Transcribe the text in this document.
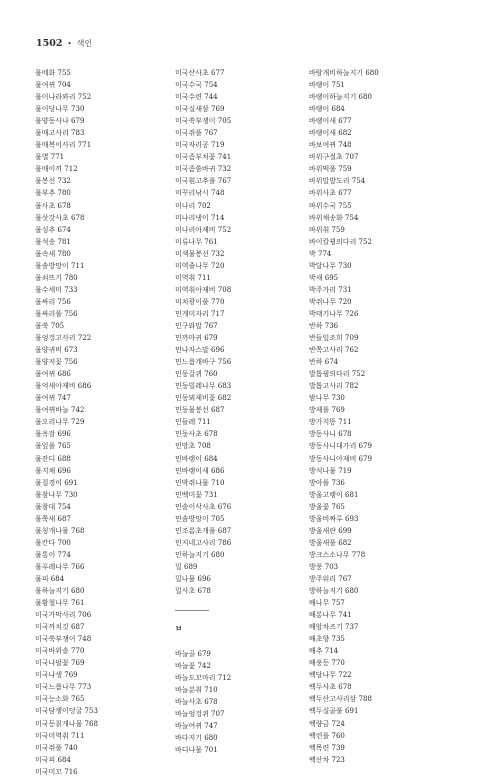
1502 • 색인
물메화 755
물여뀌 704
물이나라꽈리 752
물이당나무 730
물양동사나 679
물매고사리 783
물매복이사리 771
물별 771
물매이끼 712
물봉선 732
물부추 780
물사초 678
물삿갓사초 678
물싱추 674
물석송 781
물속새 780
물솜방망이 711
물쇠뜨기 780
물수세미 733
물싸리 756
물싸리풀 756
물쑥 705
물엉겅고사리 722
물양귀비 673
물양지꽃 756
물여뀌 686
물억새아재비 686
물여뀌 747
물여뀌바늘 742
물오리나무 729
물옥잠 696
물잎풀 765
물잔디 688
물지채 696
물질경이 691
물참나무 730
물참대 754
물쭉새 687
물칭개나물 768
물칸다 700
물통이 774
물푸레나무 766
물피 684
물하늘지기 680
물황철나무 761
미국가막사리 706
미국까치깃 687
미국쑥부쟁이 748
미국바위솔 770
미국나팔꽃 769
미국나생 769
미국느릅나무 773
미국능소화 765
미국담쟁이덩굴 753
미국등칡개나물 768
미국미역취 711
미국쥐풀 740
미국피 684
미국미꼬 716
미국산사초 677
미국수국 754
미국수련 744
미국실새삼 769
미국쑥부쟁이 705
미국쥐풀 767
미국자리공 719
미국좀부처꽃 741
미국좀씀바귀 732
미국흰고추풀 767
미꾸리낚시 748
미나리 702
미나리냉이 714
미나리아재비 752
미류나무 761
미색물봉선 732
미역줄나무 720
미역취 711
미역취아재비 708
미치광이풀 770
민개미자리 717
민구와말 767
민까마귀 679
민나자스말 696
민느릅개바구 756
민둥갈퀴 760
민둥빌레나무 683
민둥뫼제비꽃 682
민둥물봉선 687
민들레 711
민둥사초 678
민망초 708
민바랭이 684
민바랭이새 686
민박쥐나물 710
민백미꽃 731
민솔이삭사초 676
민솜방망이 705
민조름초개풀 687
민지네고사리 786
민하늘지기 680
밀 689
밀나물 696
밀사초 678
ㅂ
바늘골 679
바늘꽃 742
바늘도꼬마리 712
바늘분취 710
바늘사초 678
바늘엉겅퀴 707
바늘여뀌 747
바다지기 680
바디나물 701
바람개비하늘지기 680
바랭이 751
바랭이하늘지기 680
바랭이 684
바랭이새 677
바랭이새 682
바보여뀌 748
바위구절초 707
바위떡풀 759
바위말발도리 754
바위사초 677
바위수국 755
바위채송화 754
바위취 759
바이칼꿩의다리 752
박 774
박달나무 730
박새 695
박주가리 731
박쥐나무 720
박태기나무 726
반하 736
반들잎조희 709
반쪽고사리 762
반하 674
발톱꿩의다리 752
발톱고사리 782
밤나무 730
방제풀 769
방가지똥 711
방동사니 678
방동사니대가리 679
방동사니아재비 679
방석나물 719
방아풀 736
방울고랭이 681
방울꽃 765
방울비짜루 693
방울새란 699
방울새풀 682
방크스소나무 778
방풍 703
방주워리 767
방하늘지기 680
배나무 757
배롱나무 741
배암차즈기 737
배초향 735
배추 714
배풍등 770
백당나무 722
백두사초 678
백두산고사리삼 788
백두실골풀 691
백량금 724
백련풀 760
백목련 739
백산차 723
